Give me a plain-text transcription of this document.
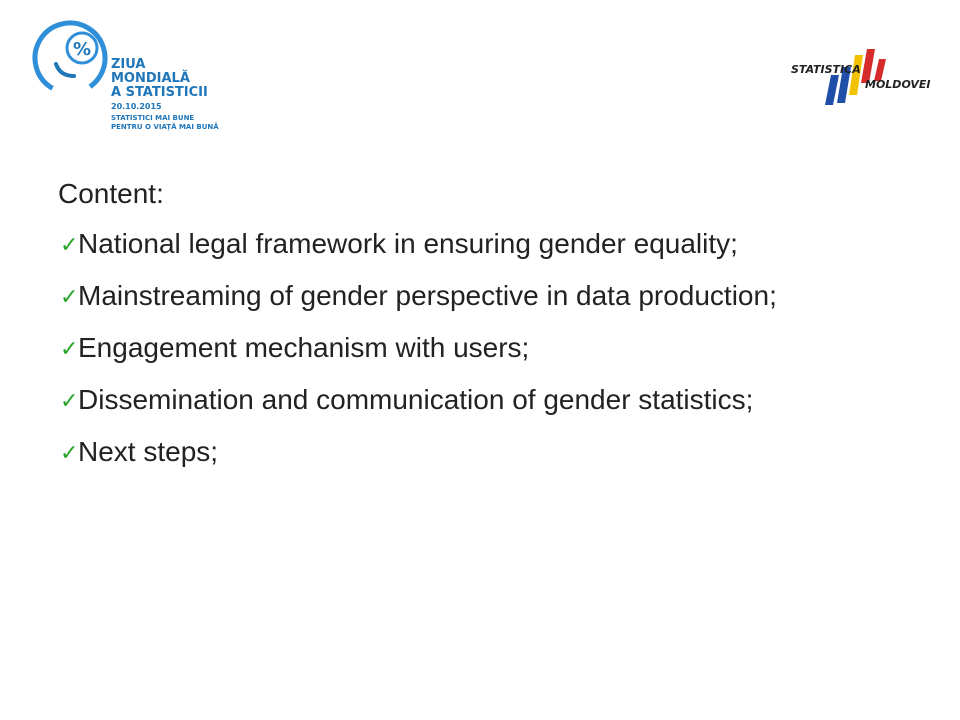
%
ZIUA
MONDIALĂ
A STATISTICII
20.10.2015
STATISTICI MAI BUNE
PENTRU O VIAȚĂ MAI BUNĂ
STATISTICA
MOLDOVEI
Content:
✓National legal framework in ensuring gender equality;
✓Mainstreaming of gender perspective in data production;
✓Engagement mechanism with users;
✓Dissemination and communication of gender statistics;
✓Next steps;
